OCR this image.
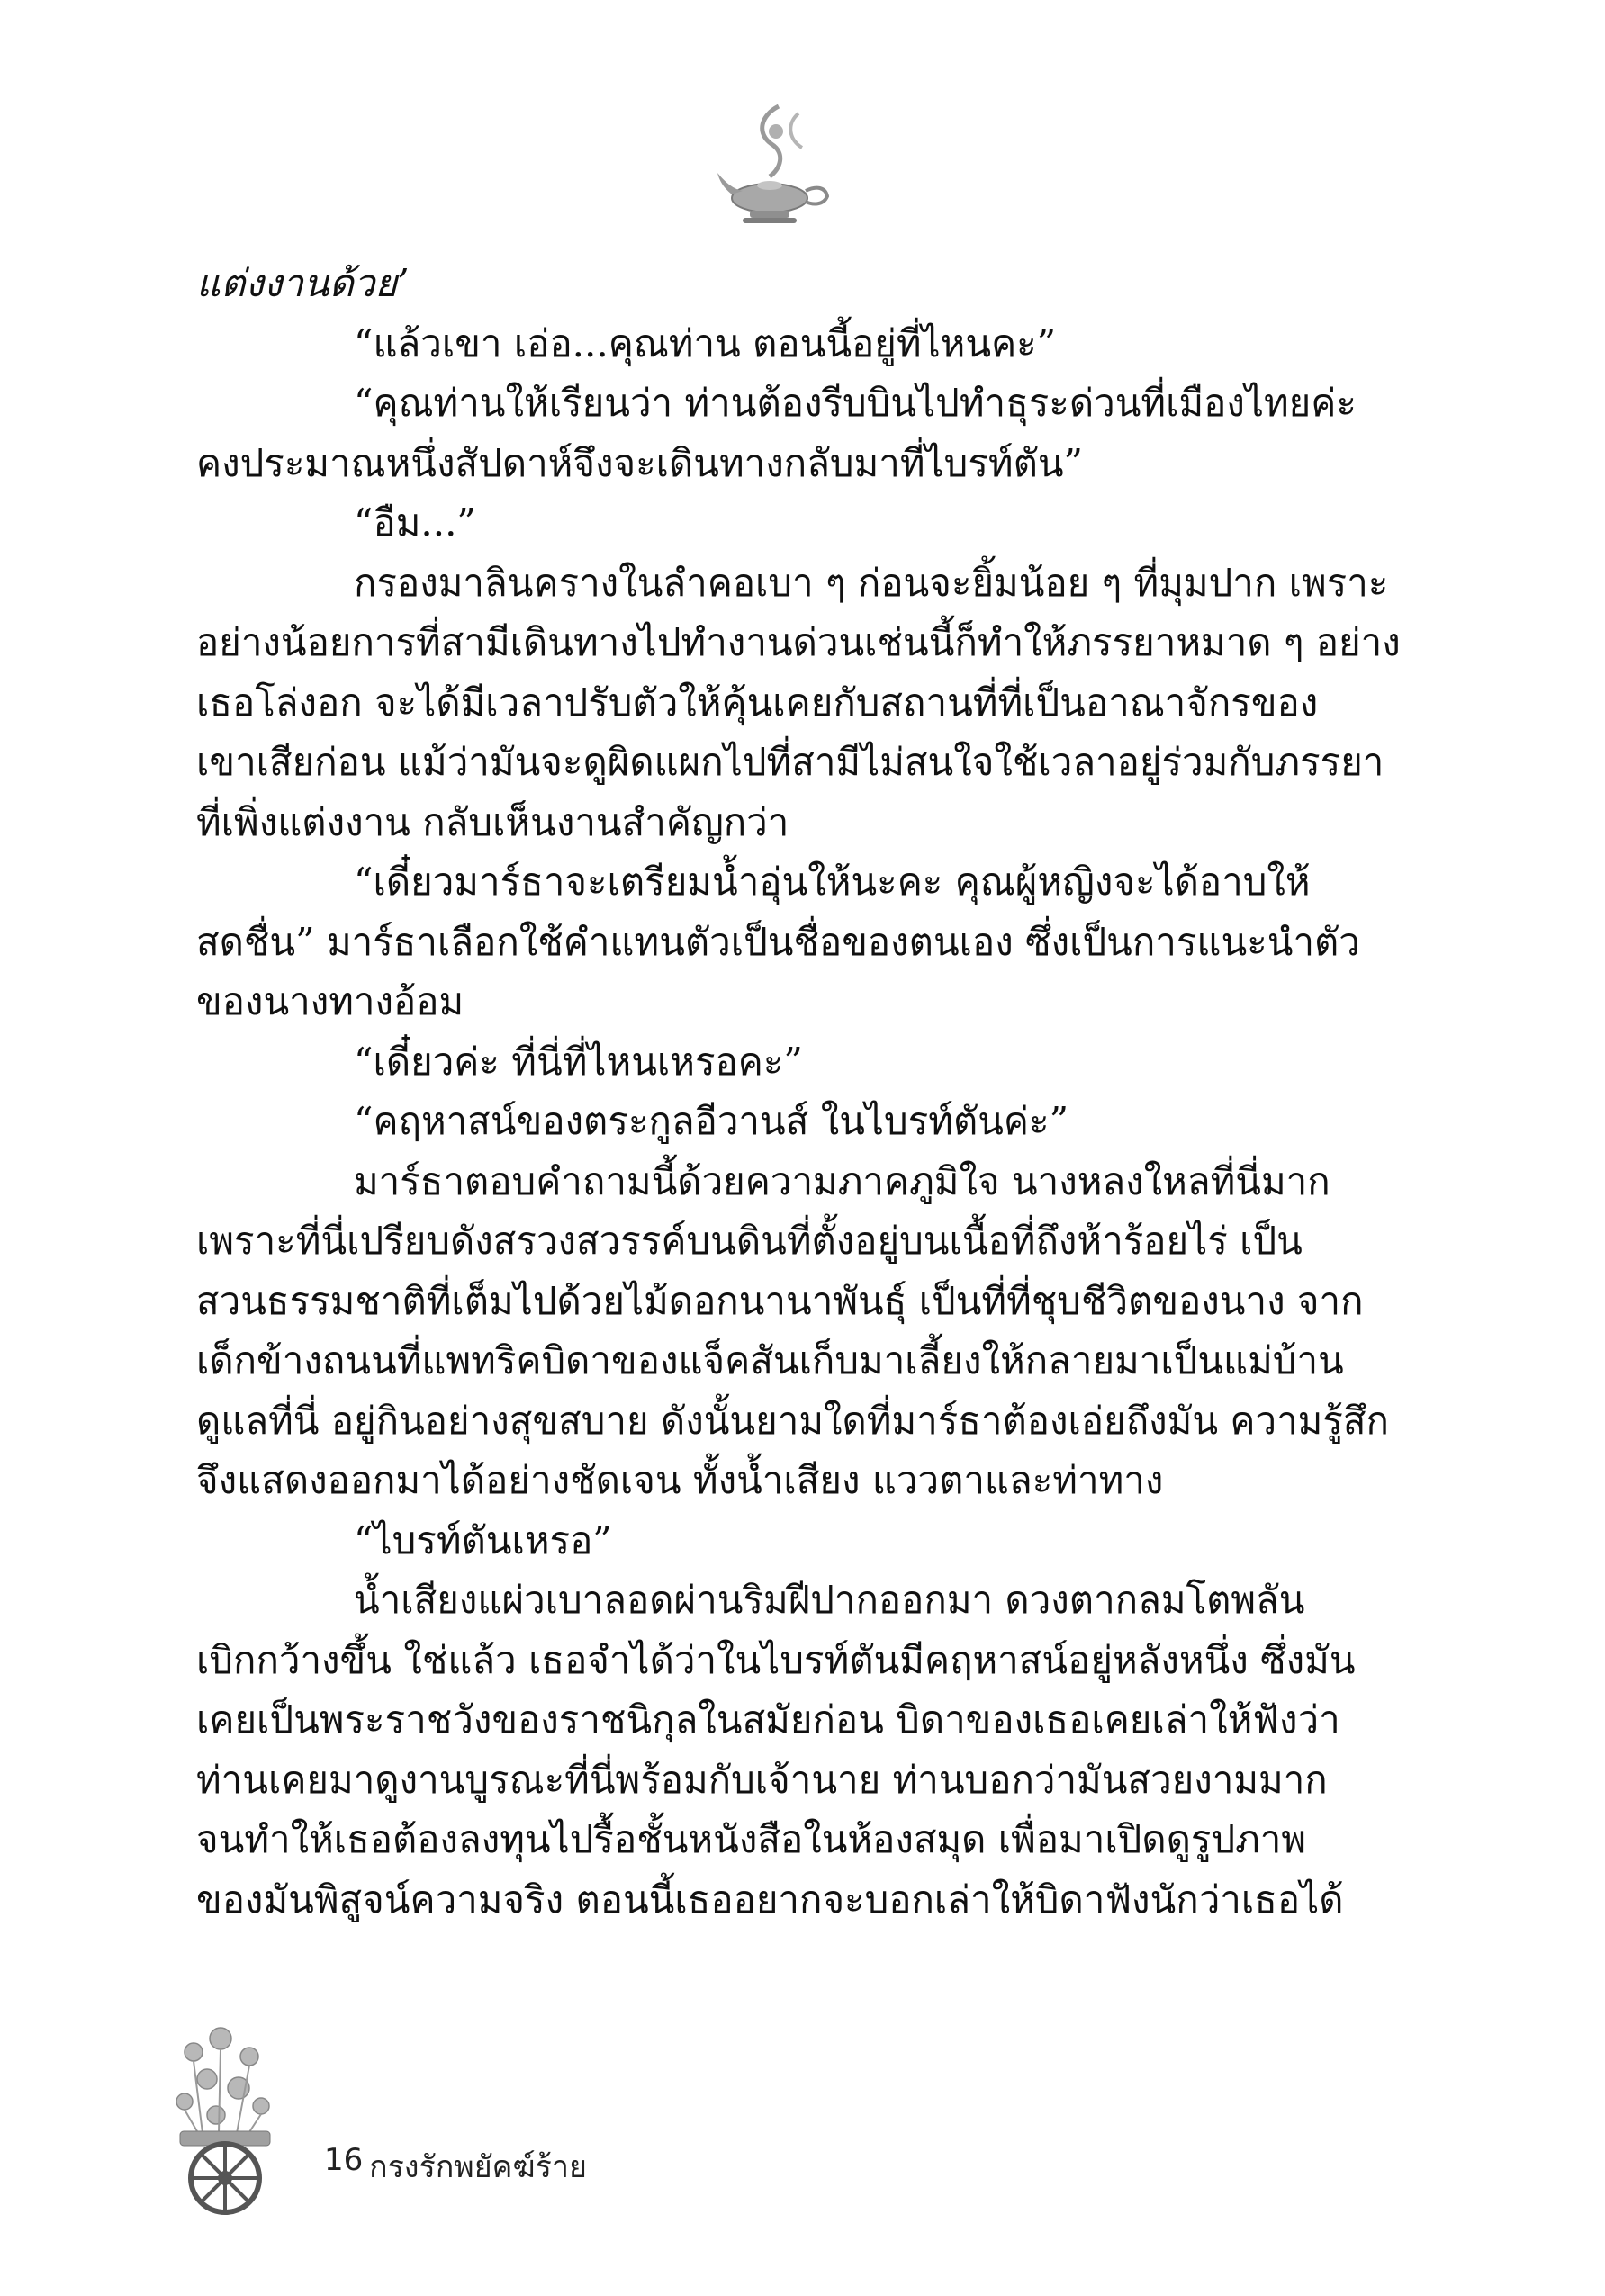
แต่งงานด้วย’
“แล้วเขา เอ่อ...คุณท่าน ตอนนี้อยู่ที่ไหนคะ”
“คุณท่านให้เรียนว่า ท่านต้องรีบบินไปทำธุระด่วนที่เมืองไทยค่ะ
คงประมาณหนึ่งสัปดาห์จึงจะเดินทางกลับมาที่ไบรท์ตัน”
“อืม...”
กรองมาลินครางในลำคอเบา ๆ ก่อนจะยิ้มน้อย ๆ ที่มุมปาก เพราะ
อย่างน้อยการที่สามีเดินทางไปทำงานด่วนเช่นนี้ก็ทำให้ภรรยาหมาด ๆ อย่าง
เธอโล่งอก จะได้มีเวลาปรับตัวให้คุ้นเคยกับสถานที่ที่เป็นอาณาจักรของ
เขาเสียก่อน แม้ว่ามันจะดูผิดแผกไปที่สามีไม่สนใจใช้เวลาอยู่ร่วมกับภรรยา
ที่เพิ่งแต่งงาน กลับเห็นงานสำคัญกว่า
“เดี๋ยวมาร์ธาจะเตรียมน้ำอุ่นให้นะคะ คุณผู้หญิงจะได้อาบให้
สดชื่น” มาร์ธาเลือกใช้คำแทนตัวเป็นชื่อของตนเอง ซึ่งเป็นการแนะนำตัว
ของนางทางอ้อม
“เดี๋ยวค่ะ ที่นี่ที่ไหนเหรอคะ”
“คฤหาสน์ของตระกูลอีวานส์ ในไบรท์ตันค่ะ”
มาร์ธาตอบคำถามนี้ด้วยความภาคภูมิใจ นางหลงใหลที่นี่มาก
เพราะที่นี่เปรียบดังสรวงสวรรค์บนดินที่ตั้งอยู่บนเนื้อที่ถึงห้าร้อยไร่ เป็น
สวนธรรมชาติที่เต็มไปด้วยไม้ดอกนานาพันธุ์ เป็นที่ที่ชุบชีวิตของนาง จาก
เด็กข้างถนนที่แพทริคบิดาของแจ็คสันเก็บมาเลี้ยงให้กลายมาเป็นแม่บ้าน
ดูแลที่นี่ อยู่กินอย่างสุขสบาย ดังนั้นยามใดที่มาร์ธาต้องเอ่ยถึงมัน ความรู้สึก
จึงแสดงออกมาได้อย่างชัดเจน ทั้งน้ำเสียง แววตาและท่าทาง
“ไบรท์ตันเหรอ”
น้ำเสียงแผ่วเบาลอดผ่านริมฝีปากออกมา ดวงตากลมโตพลัน
เบิกกว้างขึ้น ใช่แล้ว เธอจำได้ว่าในไบรท์ตันมีคฤหาสน์อยู่หลังหนึ่ง ซึ่งมัน
เคยเป็นพระราชวังของราชนิกุลในสมัยก่อน บิดาของเธอเคยเล่าให้ฟังว่า
ท่านเคยมาดูงานบูรณะที่นี่พร้อมกับเจ้านาย ท่านบอกว่ามันสวยงามมาก
จนทำให้เธอต้องลงทุนไปรื้อชั้นหนังสือในห้องสมุด เพื่อมาเปิดดูรูปภาพ
ของมันพิสูจน์ความจริง ตอนนี้เธออยากจะบอกเล่าให้บิดาฟังนักว่าเธอได้

16 กรงรักพยัคฆ์ร้าย
